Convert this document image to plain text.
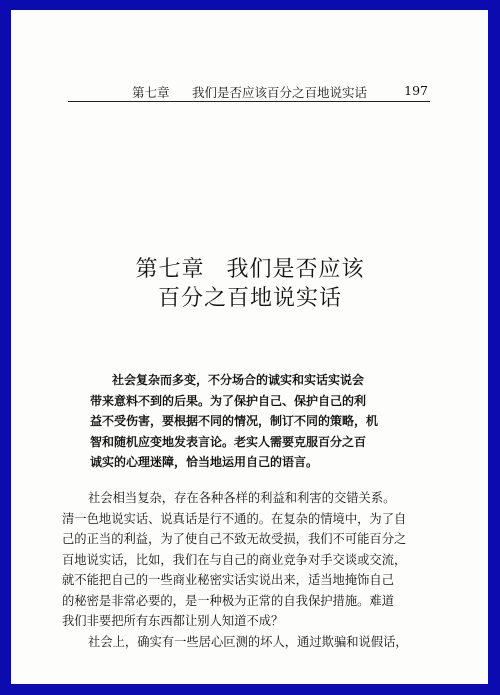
第七章 我们是否应该百分之百地说实话	197
第七章 我们是否应该
百分之百地说实话
社会复杂而多变，不分场合的诚实和实话实说会
带来意料不到的后果。为了保护自己、保护自己的利
益不受伤害，要根据不同的情况，制订不同的策略，机
智和随机应变地发表言论。老实人需要克服百分之百
诚实的心理迷障，恰当地运用自己的语言。
社会相当复杂，存在各种各样的利益和利害的交错关系。
清一色地说实话、说真话是行不通的。在复杂的情境中，为了自
己的正当的利益，为了使自己不致无故受损，我们不可能百分之
百地说实话，比如，我们在与自己的商业竞争对手交谈或交流，
就不能把自己的一些商业秘密实话实说出来，适当地掩饰自己
的秘密是非常必要的，是一种极为正常的自我保护措施。难道
我们非要把所有东西都让别人知道不成？
社会上，确实有一些居心叵测的坏人，通过欺骗和说假话，
